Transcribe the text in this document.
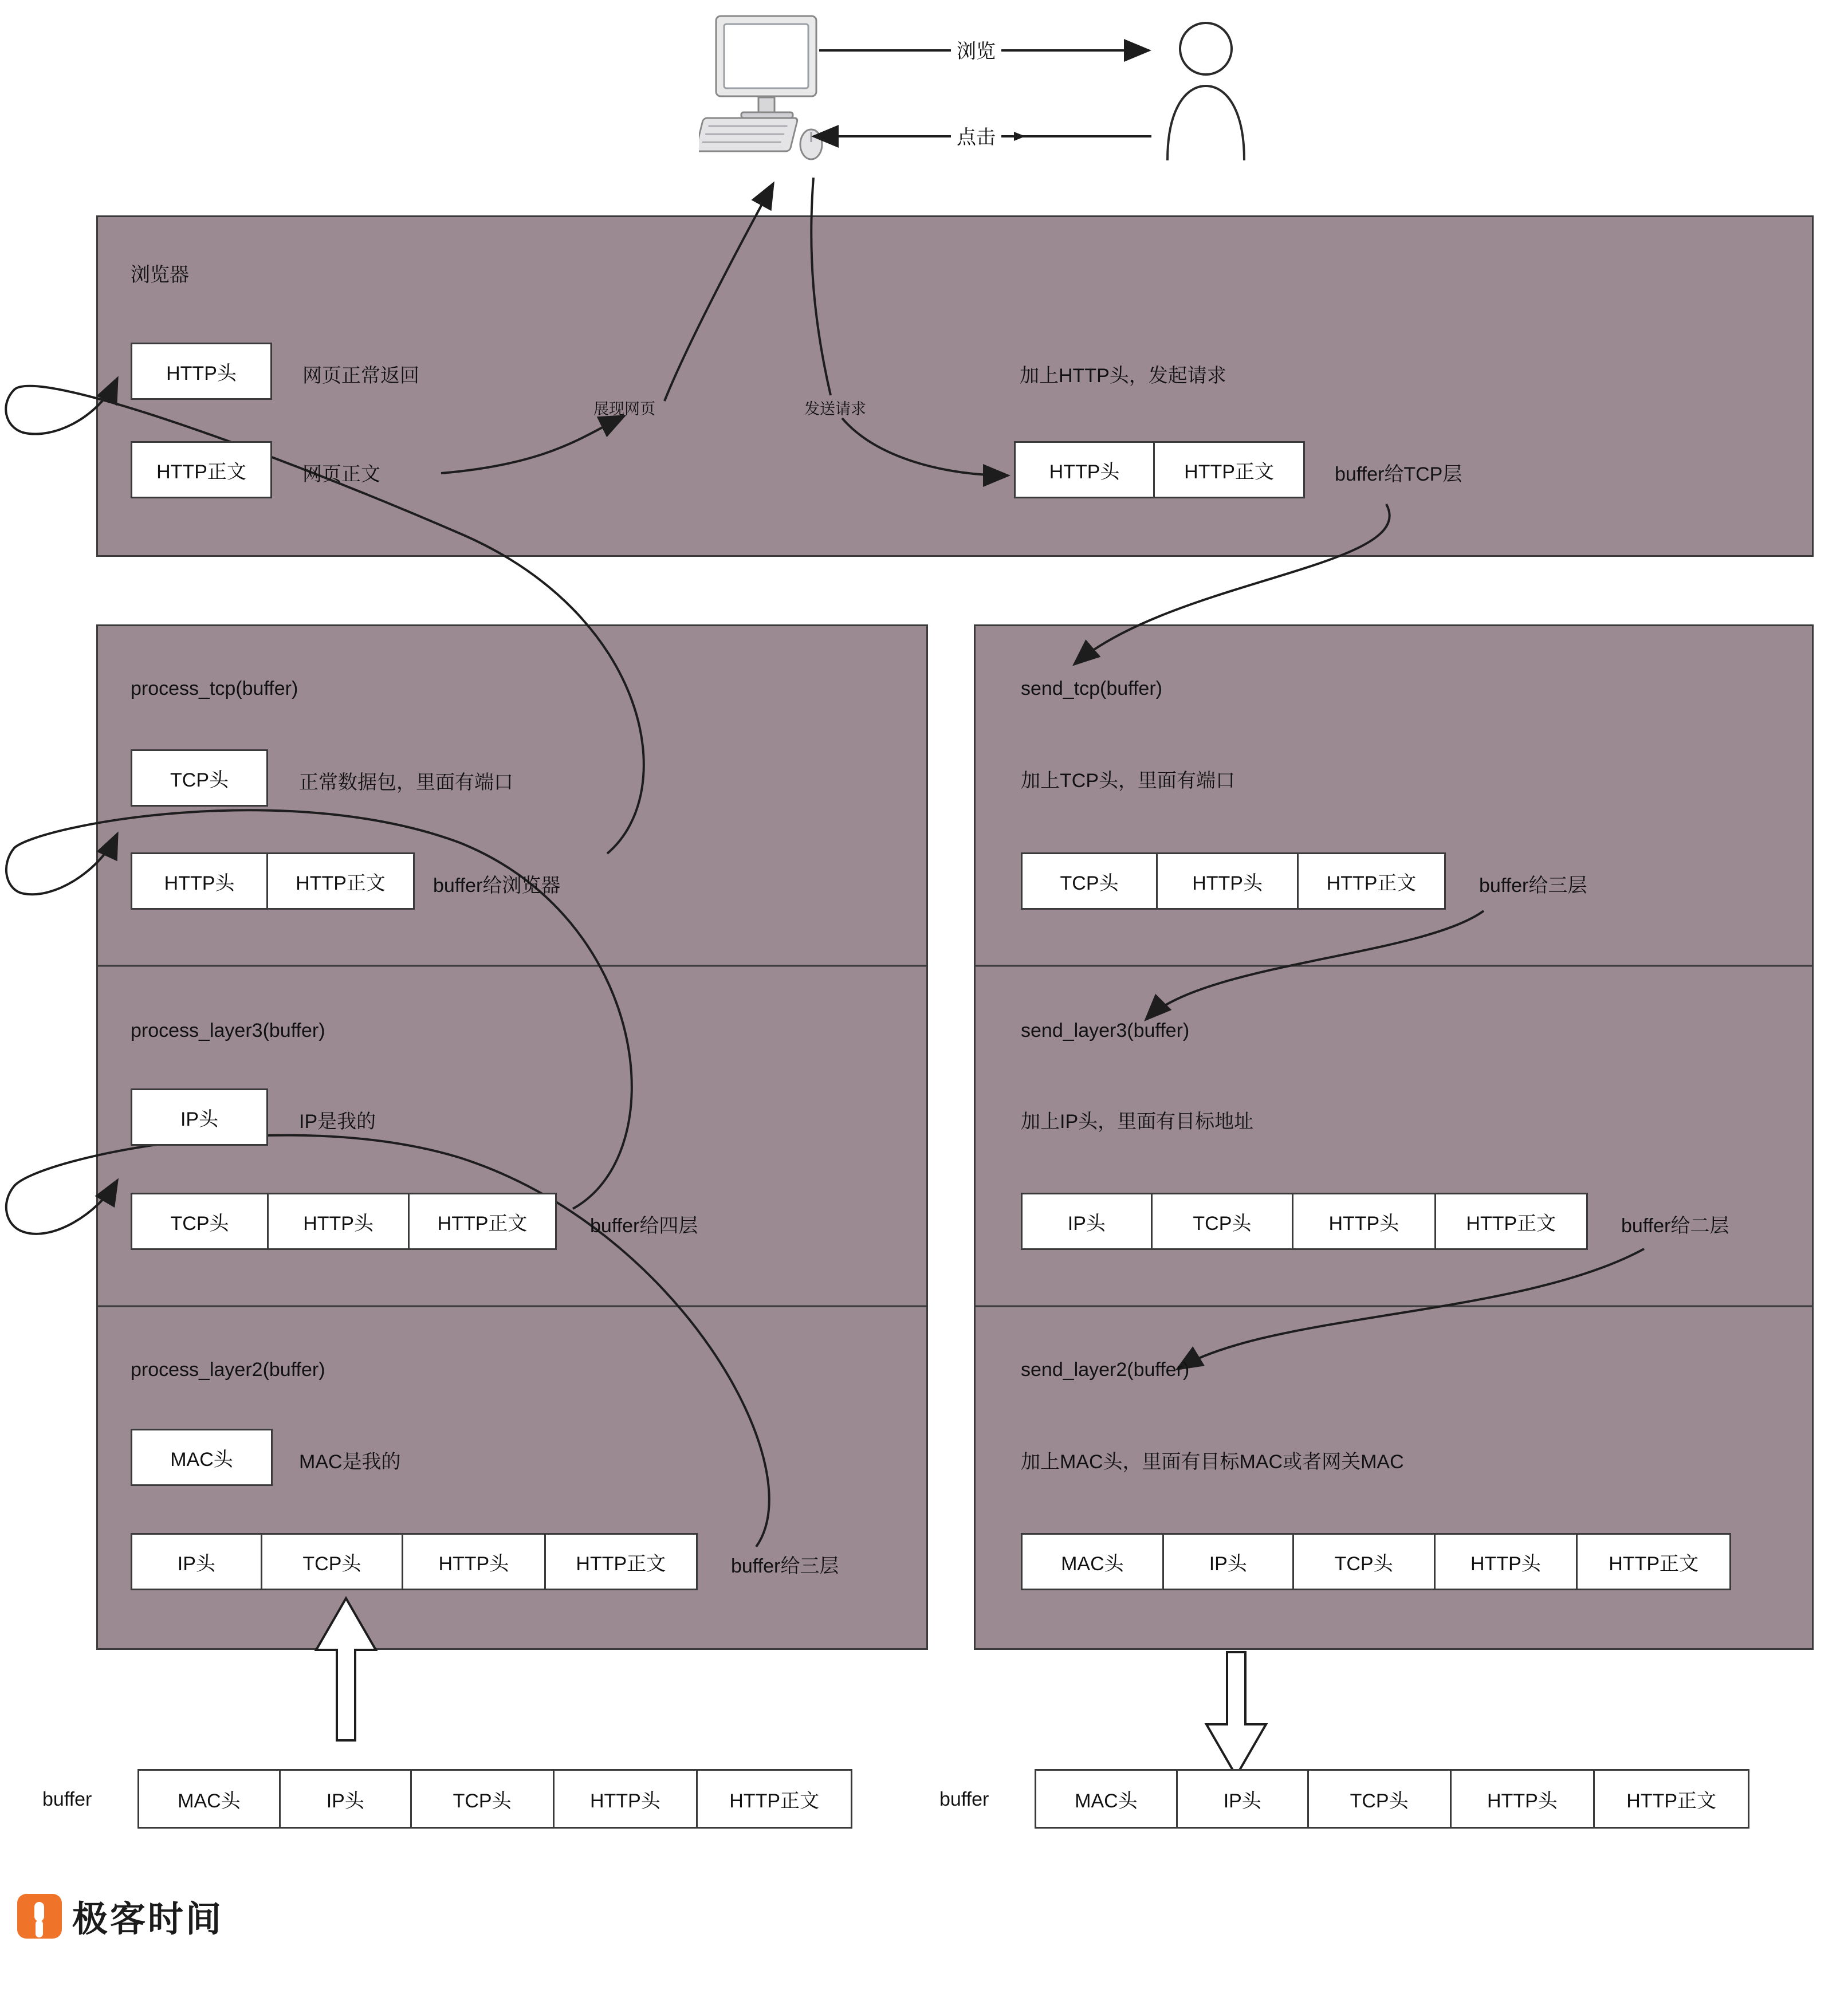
浏览
点击
浏览器
HTTP头	网页正常返回
HTTP正文	网页正文
展现网页	发送请求
加上HTTP头，发起请求
HTTP头	HTTP正文	buffer给TCP层
process_tcp(buffer)
TCP头	正常数据包，里面有端口
HTTP头	HTTP正文	buffer给浏览器
process_layer3(buffer)
IP头	IP是我的
TCP头	HTTP头	HTTP正文	buffer给四层
process_layer2(buffer)
MAC头	MAC是我的
IP头	TCP头	HTTP头	HTTP正文	buffer给三层
send_tcp(buffer)
加上TCP头，里面有端口
TCP头	HTTP头	HTTP正文	buffer给三层
send_layer3(buffer)
加上IP头，里面有目标地址
IP头	TCP头	HTTP头	HTTP正文	buffer给二层
send_layer2(buffer)
加上MAC头，里面有目标MAC或者网关MAC
MAC头	IP头	TCP头	HTTP头	HTTP正文
buffer	MAC头	IP头	TCP头	HTTP头	HTTP正文	buffer	MAC头	IP头	TCP头	HTTP头	HTTP正文
极客时间
